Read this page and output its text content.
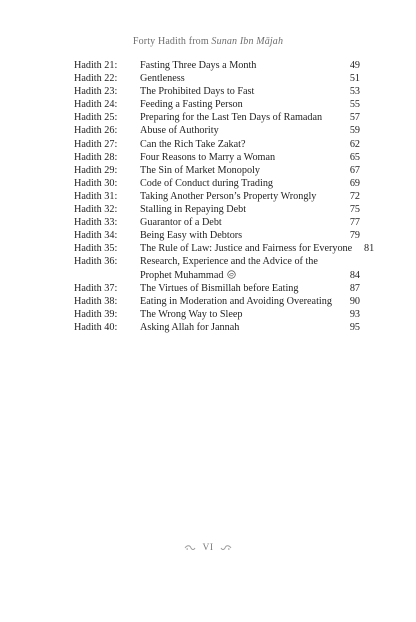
Forty Hadith from Sunan Ibn Mājah
Hadith 21:	Fasting Three Days a Month	49
Hadith 22:	Gentleness	51
Hadith 23:	The Prohibited Days to Fast	53
Hadith 24:	Feeding a Fasting Person	55
Hadith 25:	Preparing for the Last Ten Days of Ramadan	57
Hadith 26:	Abuse of Authority	59
Hadith 27:	Can the Rich Take Zakat?	62
Hadith 28:	Four Reasons to Marry a Woman	65
Hadith 29:	The Sin of Market Monopoly	67
Hadith 30:	Code of Conduct during Trading	69
Hadith 31:	Taking Another Person’s Property Wrongly	72
Hadith 32:	Stalling in Repaying Debt	75
Hadith 33:	Guarantor of a Debt	77
Hadith 34:	Being Easy with Debtors	79
Hadith 35:	The Rule of Law: Justice and Fairness for Everyone	81
Hadith 36:	Research, Experience and the Advice of the
Prophet Muhammad	84
Hadith 37:	The Virtues of Bismillah before Eating	87
Hadith 38:	Eating in Moderation and Avoiding Overeating	90
Hadith 39:	The Wrong Way to Sleep	93
Hadith 40:	Asking Allah for Jannah	95
VI
